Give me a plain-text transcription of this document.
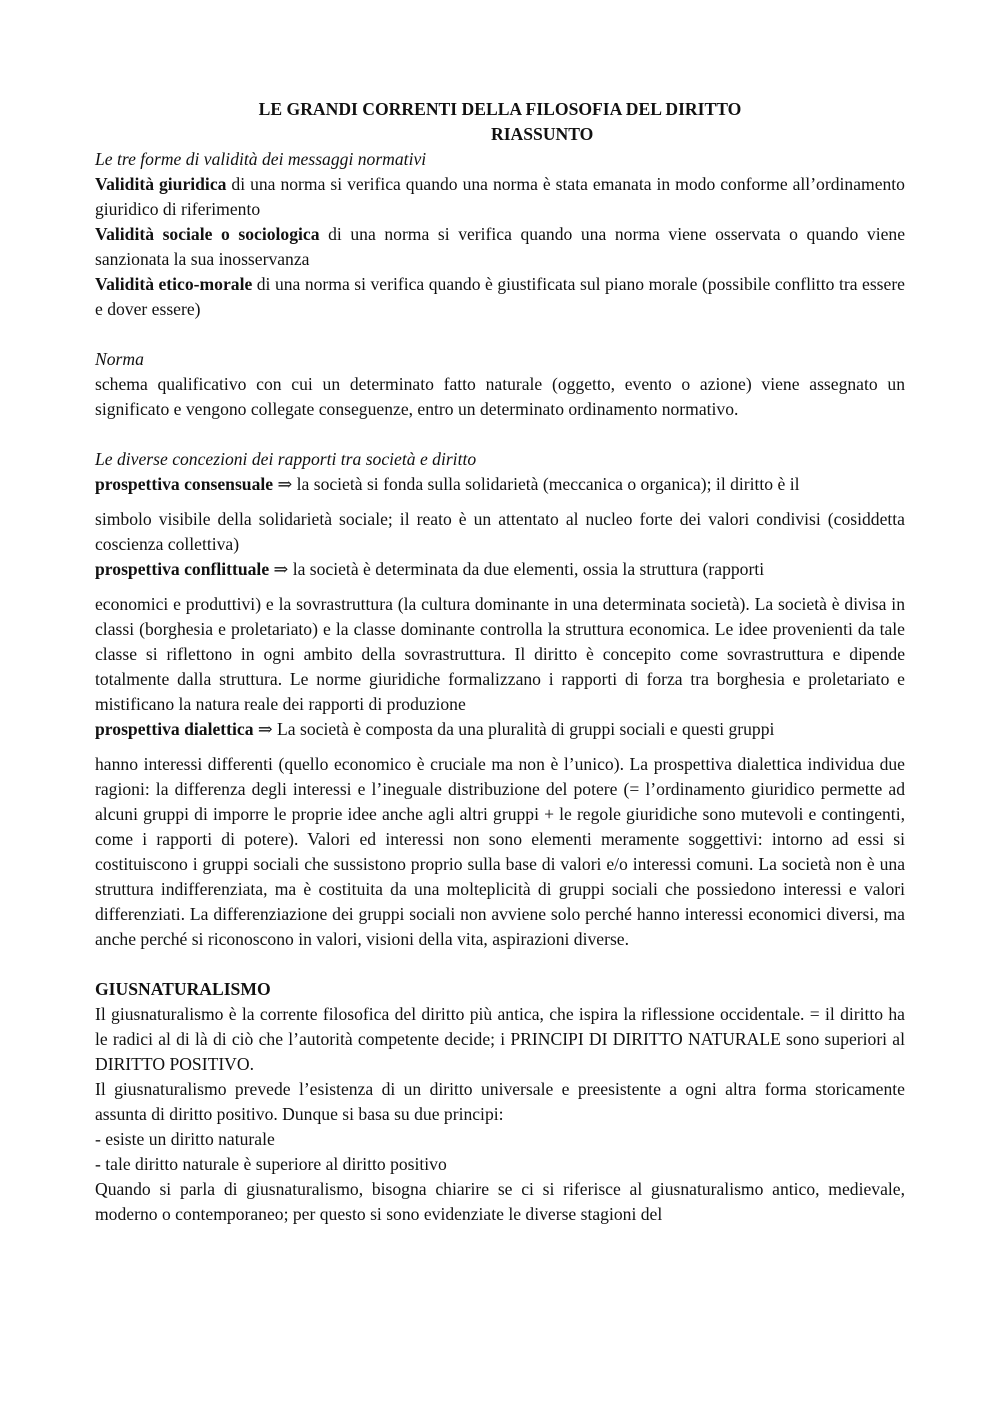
LE GRANDI CORRENTI DELLA FILOSOFIA DEL DIRITTO

RIASSUNTO

Le tre forme di validità dei messaggi normativi

Validità giuridica di una norma si verifica quando una norma è stata emanata in modo conforme all’ordinamento giuridico di riferimento

Validità sociale o sociologica di una norma si verifica quando una norma viene osservata o quando viene sanzionata la sua inosservanza

Validità etico-morale di una norma si verifica quando è giustificata sul piano morale (possibile conflitto tra essere e dover essere)

Norma

schema qualificativo con cui un determinato fatto naturale (oggetto, evento o azione) viene assegnato un significato e vengono collegate conseguenze, entro un determinato ordinamento normativo.

Le diverse concezioni dei rapporti tra società e diritto

prospettiva consensuale ⇒ la società si fonda sulla solidarietà (meccanica o organica); il diritto è il

simbolo visibile della solidarietà sociale; il reato è un attentato al nucleo forte dei valori condivisi (cosiddetta coscienza collettiva)

prospettiva conflittuale ⇒ la società è determinata da due elementi, ossia la struttura (rapporti

economici e produttivi) e la sovrastruttura (la cultura dominante in una determinata società). La società è divisa in classi (borghesia e proletariato) e la classe dominante controlla la struttura economica. Le idee provenienti da tale classe si riflettono in ogni ambito della sovrastruttura. Il diritto è concepito come sovrastruttura e dipende totalmente dalla struttura. Le norme giuridiche formalizzano i rapporti di forza tra borghesia e proletariato e mistificano la natura reale dei rapporti di produzione

prospettiva dialettica ⇒ La società è composta da una pluralità di gruppi sociali e questi gruppi

hanno interessi differenti (quello economico è cruciale ma non è l’unico). La prospettiva dialettica individua due ragioni: la differenza degli interessi e l’ineguale distribuzione del potere (= l’ordinamento giuridico permette ad alcuni gruppi di imporre le proprie idee anche agli altri gruppi + le regole giuridiche sono mutevoli e contingenti, come i rapporti di potere). Valori ed interessi non sono elementi meramente soggettivi: intorno ad essi si costituiscono i gruppi sociali che sussistono proprio sulla base di valori e/o interessi comuni. La società non è una struttura indifferenziata, ma è costituita da una molteplicità di gruppi sociali che possiedono interessi e valori differenziati. La differenziazione dei gruppi sociali non avviene solo perché hanno interessi economici diversi, ma anche perché si riconoscono in valori, visioni della vita, aspirazioni diverse.

GIUSNATURALISMO

Il giusnaturalismo è la corrente filosofica del diritto più antica, che ispira la riflessione occidentale. = il diritto ha le radici al di là di ciò che l’autorità competente decide; i PRINCIPI DI DIRITTO NATURALE sono superiori al DIRITTO POSITIVO.

Il giusnaturalismo prevede l’esistenza di un diritto universale e preesistente a ogni altra forma storicamente assunta di diritto positivo. Dunque si basa su due principi:

- esiste un diritto naturale

- tale diritto naturale è superiore al diritto positivo

Quando si parla di giusnaturalismo, bisogna chiarire se ci si riferisce al giusnaturalismo antico, medievale, moderno o contemporaneo; per questo si sono evidenziate le diverse stagioni del
